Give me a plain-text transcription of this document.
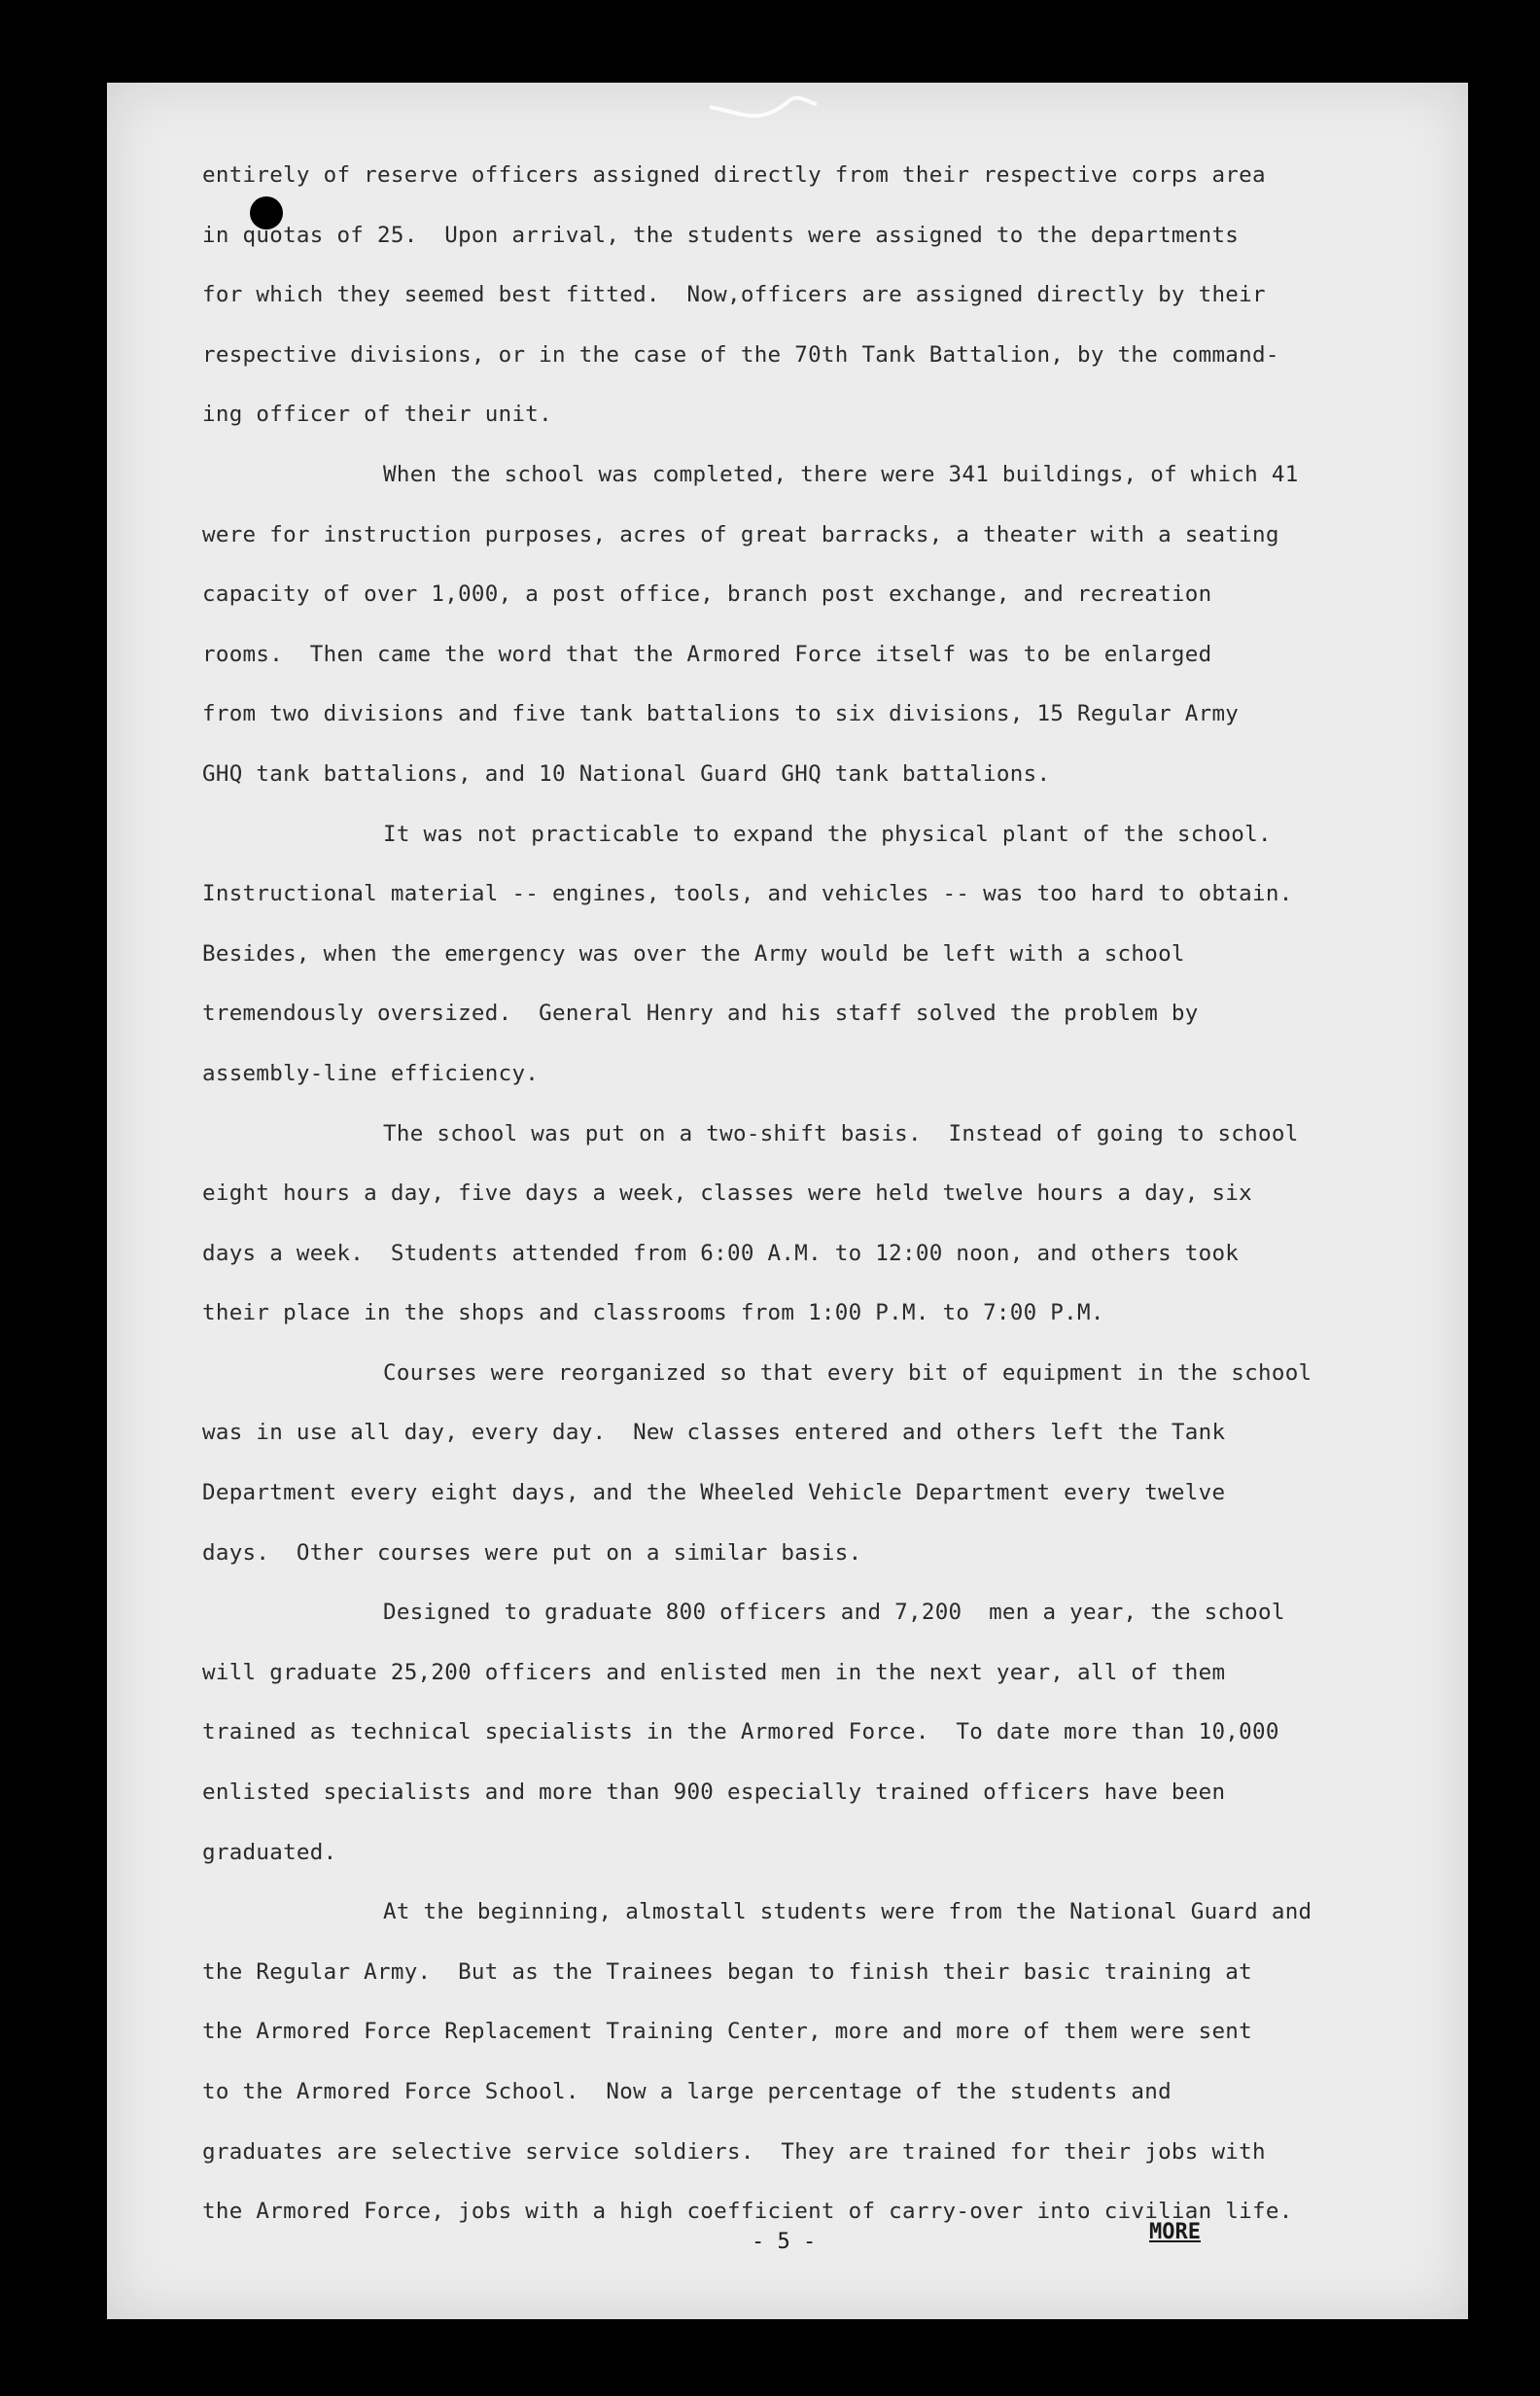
entirely of reserve officers assigned directly from their respective corps area
in quotas of 25.  Upon arrival, the students were assigned to the departments
for which they seemed best fitted.  Now,officers are assigned directly by their
respective divisions, or in the case of the 70th Tank Battalion, by the command-
ing officer of their unit.
When the school was completed, there were 341 buildings, of which 41
were for instruction purposes, acres of great barracks, a theater with a seating
capacity of over 1,000, a post office, branch post exchange, and recreation
rooms.  Then came the word that the Armored Force itself was to be enlarged
from two divisions and five tank battalions to six divisions, 15 Regular Army
GHQ tank battalions, and 10 National Guard GHQ tank battalions.
It was not practicable to expand the physical plant of the school.
Instructional material -- engines, tools, and vehicles -- was too hard to obtain.
Besides, when the emergency was over the Army would be left with a school
tremendously oversized.  General Henry and his staff solved the problem by
assembly-line efficiency.
The school was put on a two-shift basis.  Instead of going to school
eight hours a day, five days a week, classes were held twelve hours a day, six
days a week.  Students attended from 6:00 A.M. to 12:00 noon, and others took
their place in the shops and classrooms from 1:00 P.M. to 7:00 P.M.
Courses were reorganized so that every bit of equipment in the school
was in use all day, every day.  New classes entered and others left the Tank
Department every eight days, and the Wheeled Vehicle Department every twelve
days.  Other courses were put on a similar basis.
Designed to graduate 800 officers and 7,200  men a year, the school
will graduate 25,200 officers and enlisted men in the next year, all of them
trained as technical specialists in the Armored Force.  To date more than 10,000
enlisted specialists and more than 900 especially trained officers have been
graduated.
At the beginning, almostall students were from the National Guard and
the Regular Army.  But as the Trainees began to finish their basic training at
the Armored Force Replacement Training Center, more and more of them were sent
to the Armored Force School.  Now a large percentage of the students and
graduates are selective service soldiers.  They are trained for their jobs with
the Armored Force, jobs with a high coefficient of carry-over into civilian life.
- 5 -	MORE
